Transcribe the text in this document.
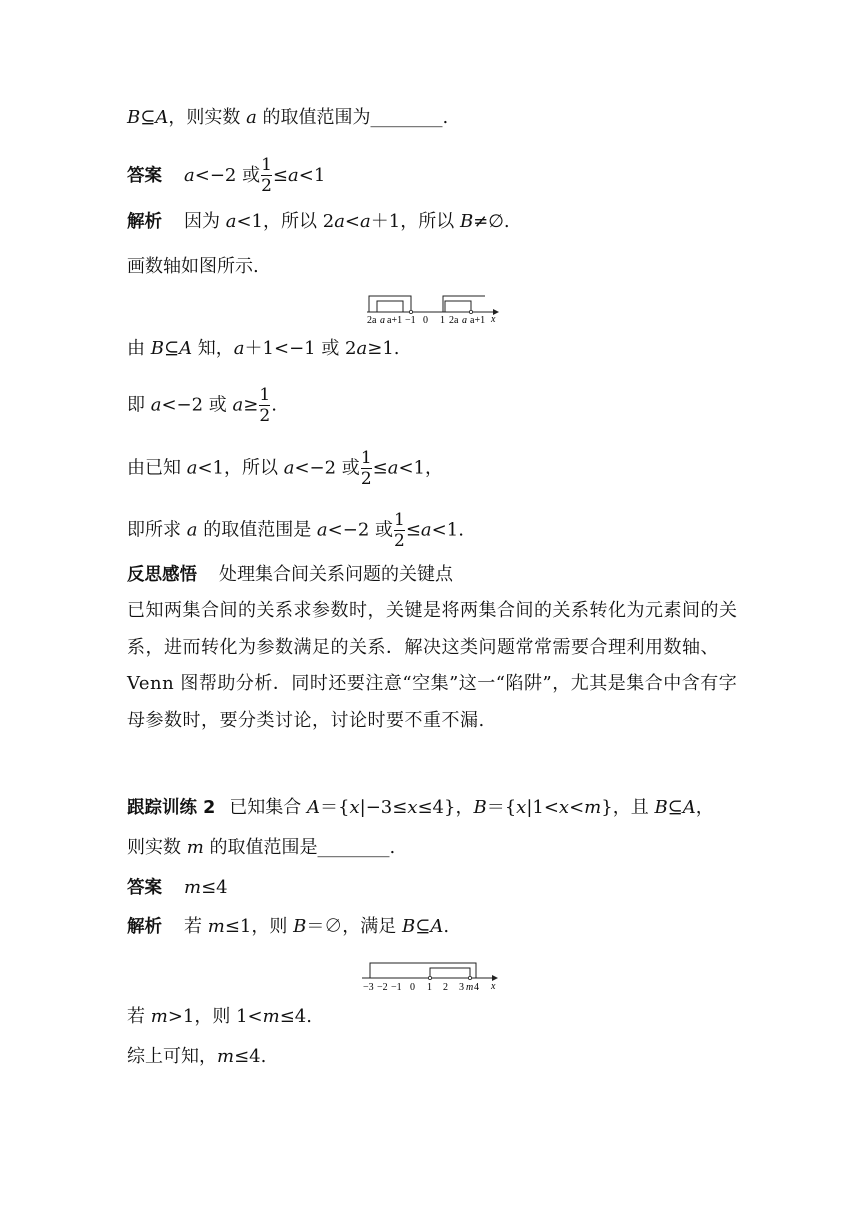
B⊆A，则实数 a 的取值范围为________.
答案 a<−2 或 $\frac{1}{2} \le a<1$
解析 因为 a<1，所以 2a<a＋1，所以 B≠∅.
画数轴如图所示.
2a a a+1 −1 0 1 2a a a+1 x
由 B⊆A 知，a＋1<−1 或 2a≥1.
即 a<−2 或 $a\ge \frac{1}{2}$ .
由已知 a<1，所以 a<−2 或 $\frac{1}{2} \le a<1$，
即所求 a 的取值范围是 a<−2 或 $\frac{1}{2} \le a<1$.
反思感悟 处理集合间关系问题的关键点
已知两集合间的关系求参数时，关键是将两集合间的关系转化为元素间的关系，进而转化为参数满足的关系．解决这类问题常常需要合理利用数轴、Venn 图帮助分析．同时还要注意“空集”这一“陷阱”，尤其是集合中含有字母参数时，要分类讨论，讨论时要不重不漏.
跟踪训练 2 已知集合 A＝{x|−3≤x≤4}，B＝{x|1<x<m}，且 B⊆A，
则实数 m 的取值范围是________.
答案 m≤4
解析 若 m≤1，则 B＝∅，满足 B⊆A.
−3 −2 −1 0 1 2 3 m 4 x
若 m>1，则 1<m≤4.
综上可知，m≤4.
